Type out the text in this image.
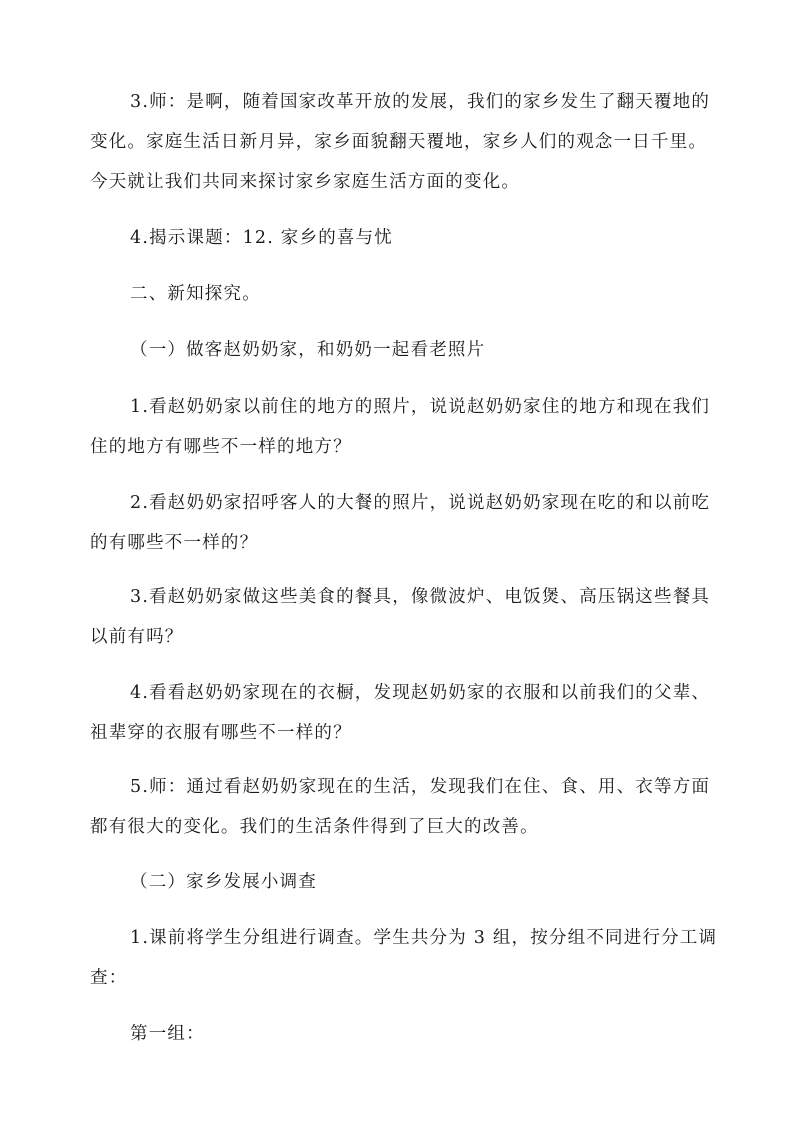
3.师：是啊，随着国家改革开放的发展，我们的家乡发生了翻天覆地的
变化。家庭生活日新月异，家乡面貌翻天覆地，家乡人们的观念一日千里。
今天就让我们共同来探讨家乡家庭生活方面的变化。

4.揭示课题：12. 家乡的喜与忧

二、新知探究。

（一）做客赵奶奶家，和奶奶一起看老照片

1.看赵奶奶家以前住的地方的照片，说说赵奶奶家住的地方和现在我们
住的地方有哪些不一样的地方？

2.看赵奶奶家招呼客人的大餐的照片，说说赵奶奶家现在吃的和以前吃
的有哪些不一样的？

3.看赵奶奶家做这些美食的餐具，像微波炉、电饭煲、高压锅这些餐具
以前有吗？

4.看看赵奶奶家现在的衣橱，发现赵奶奶家的衣服和以前我们的父辈、
祖辈穿的衣服有哪些不一样的？

5.师：通过看赵奶奶家现在的生活，发现我们在住、食、用、衣等方面
都有很大的变化。我们的生活条件得到了巨大的改善。

（二）家乡发展小调查

1.课前将学生分组进行调查。学生共分为 3 组，按分组不同进行分工调
查：

第一组：
